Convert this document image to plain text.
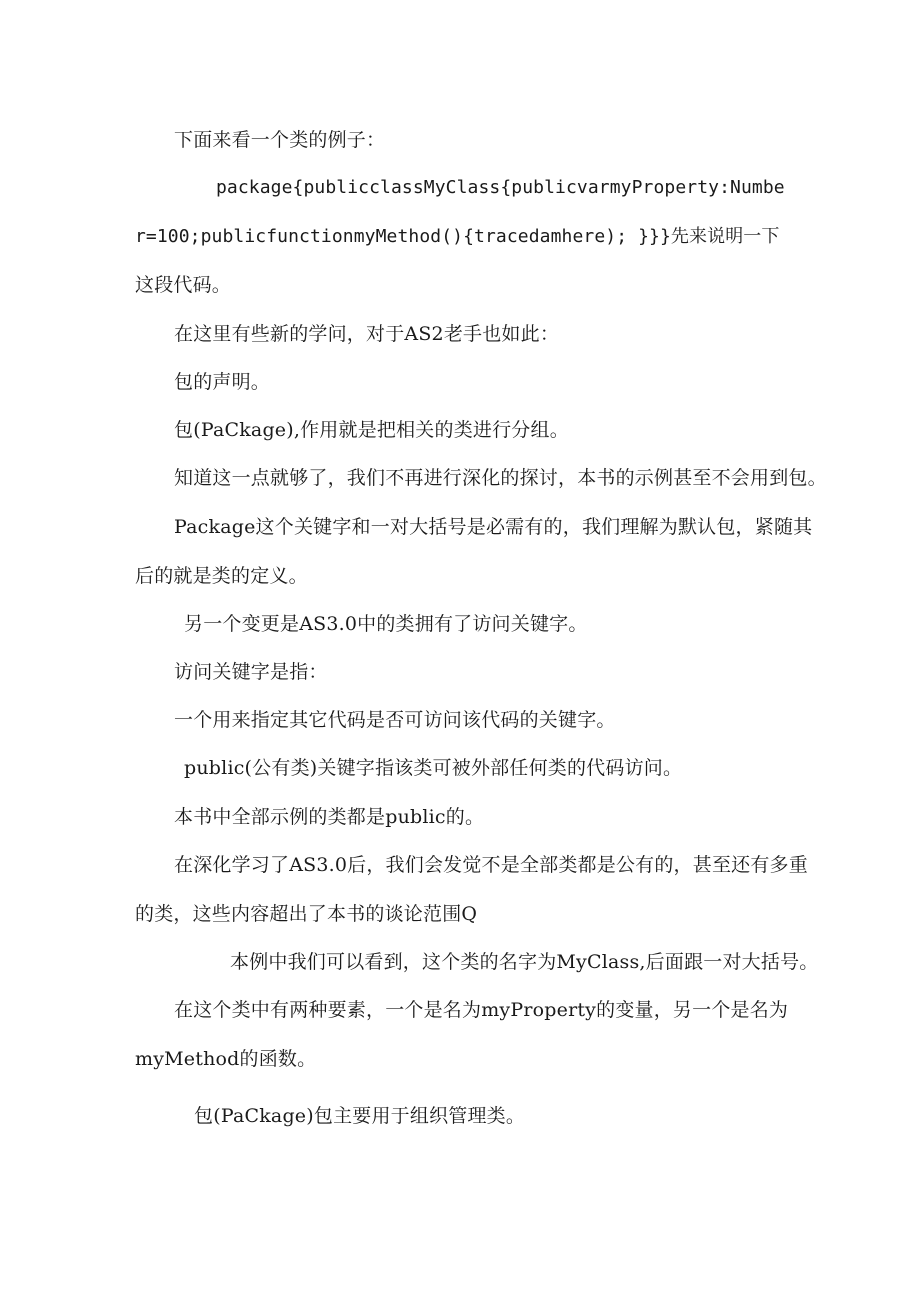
下面来看一个类的例子：
package{publicclassMyClass{publicvarmyProperty:Numbe
r=100;publicfunctionmyMethod(){tracedamhere); }}}先来说明一下
这段代码。
在这里有些新的学问，对于AS2老手也如此：
包的声明。
包(PaCkage),作用就是把相关的类进行分组。
知道这一点就够了，我们不再进行深化的探讨，本书的示例甚至不会用到包。
Package这个关键字和一对大括号是必需有的，我们理解为默认包，紧随其
后的就是类的定义。
另一个变更是AS3.0中的类拥有了访问关键字。
访问关键字是指：
一个用来指定其它代码是否可访问该代码的关键字。
public(公有类)关键字指该类可被外部任何类的代码访问。
本书中全部示例的类都是public的。
在深化学习了AS3.0后，我们会发觉不是全部类都是公有的，甚至还有多重
的类，这些内容超出了本书的谈论范围Q
本例中我们可以看到，这个类的名字为MyClass,后面跟一对大括号。
在这个类中有两种要素，一个是名为myProperty的变量，另一个是名为
myMethod的函数。
包(PaCkage)包主要用于组织管理类。
